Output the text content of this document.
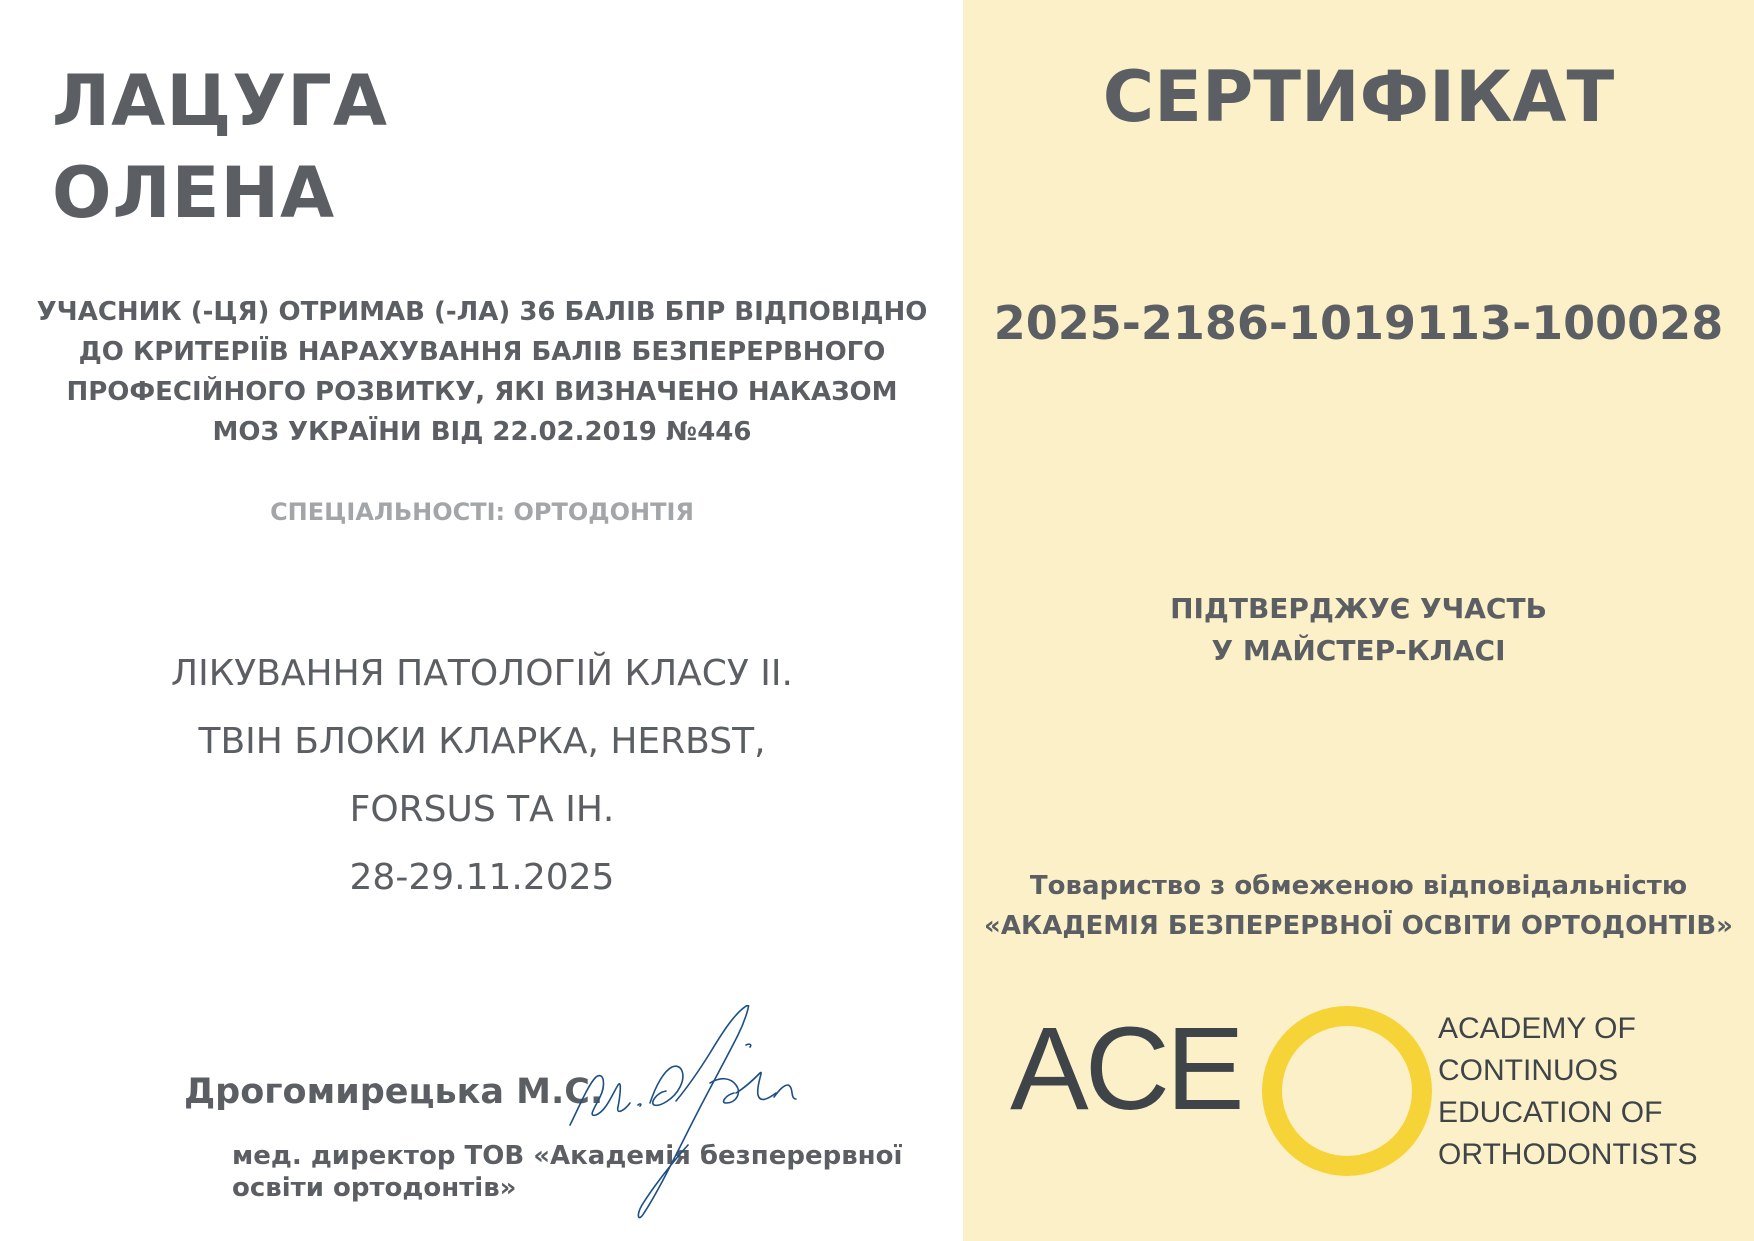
ЛАЦУГА
ОЛЕНА
УЧАСНИК (-ЦЯ) ОТРИМАВ (-ЛА) 36 БАЛІВ БПР ВІДПОВІДНО
ДО КРИТЕРІЇВ НАРАХУВАННЯ БАЛІВ БЕЗПЕРЕРВНОГО
ПРОФЕСІЙНОГО РОЗВИТКУ, ЯКІ ВИЗНАЧЕНО НАКАЗОМ
МОЗ УКРАЇНИ ВІД 22.02.2019 №446
СПЕЦІАЛЬНОСТІ: ОРТОДОНТІЯ
ЛІКУВАННЯ ПАТОЛОГІЙ КЛАСУ II.
ТВІН БЛОКИ КЛАРКА, HERBST,
FORSUS ТА ІН.
28-29.11.2025
Дрогомирецька М.С.
мед. директор ТОВ «Академія безперервної
освіти ортодонтів»
СЕРТИФІКАТ
2025-2186-1019113-100028
ПІДТВЕРДЖУЄ УЧАСТЬ
У МАЙСТЕР-КЛАСІ
Товариство з обмеженою відповідальністю
«АКАДЕМІЯ БЕЗПЕРЕРВНОЇ ОСВІТИ ОРТОДОНТІВ»
ACE	ACADEMY OF
CONTINUOS
EDUCATION OF
ORTHODONTISTS
